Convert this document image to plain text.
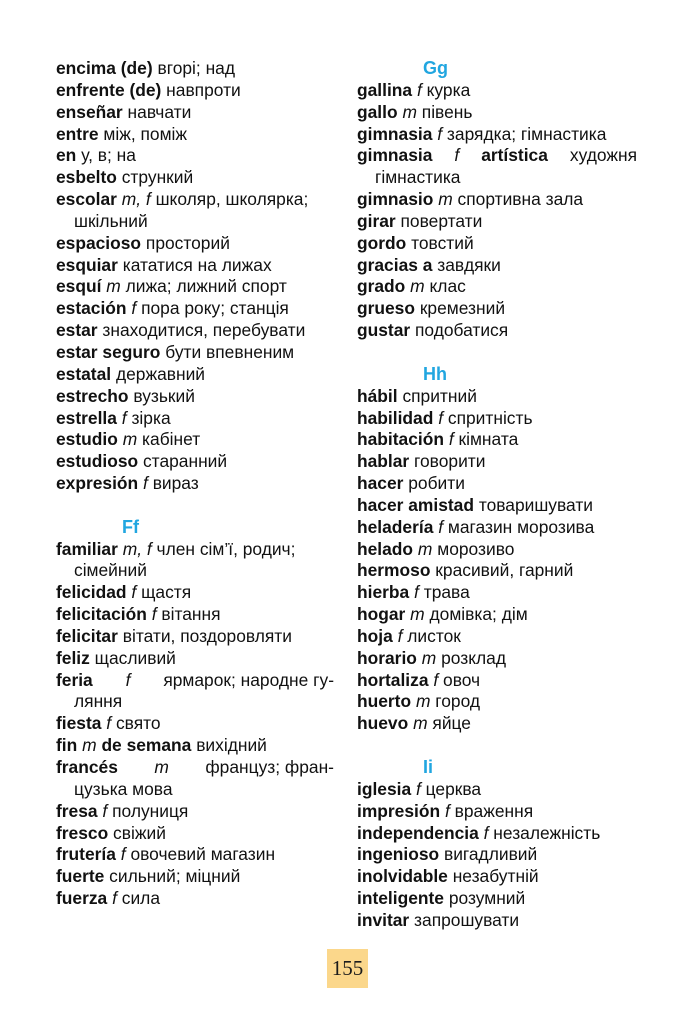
encima (de) вгорі; над
enfrente (de) навпроти
enseñar навчати
entre між, поміж
en у, в; на
esbelto стрункий
escolar m, f школяр, школярка;
шкільний
espacioso просторий
esquiar кататися на лижах
esquí m лижа; лижний спорт
estación f пора року; станція
estar знаходитися, перебувати
estar seguro бути впевненим
estatal державний
estrecho вузький
estrella f зірка
estudio m кабінет
estudioso старанний
expresión f вираз
Ff
familiar m, f член сім’ї, родич;
сімейний
felicidad f щастя
felicitación f вітання
felicitar вітати, поздоровляти
feliz щасливий
feria f ярмарок; народне гу-
ляння
fiesta f свято
fin m de semana вихідний
francés m француз; фран-
цузька мова
fresa f полуниця
fresco свіжий
frutería f овочевий магазин
fuerte сильний; міцний
fuerza f сила
Gg
gallina f курка
gallo m півень
gimnasia f зарядка; гімнастика
gimnasia f artística художня
гімнастика
gimnasio m спортивна зала
girar повертати
gordo товстий
gracias a завдяки
grado m клас
grueso кремезний
gustar подобатися
Hh
hábil спритний
habilidad f спритність
habitación f кімната
hablar говорити
hacer робити
hacer amistad товаришувати
heladería f магазин морозива
helado m морозиво
hermoso красивий, гарний
hierba f трава
hogar m домівка; дім
hoja f листок
horario m розклад
hortaliza f овоч
huerto m город
huevo m яйце
Ii
iglesia f церква
impresión f враження
independencia f незалежність
ingenioso вигадливий
inolvidable незабутній
inteligente розумний
invitar запрошувати
155
